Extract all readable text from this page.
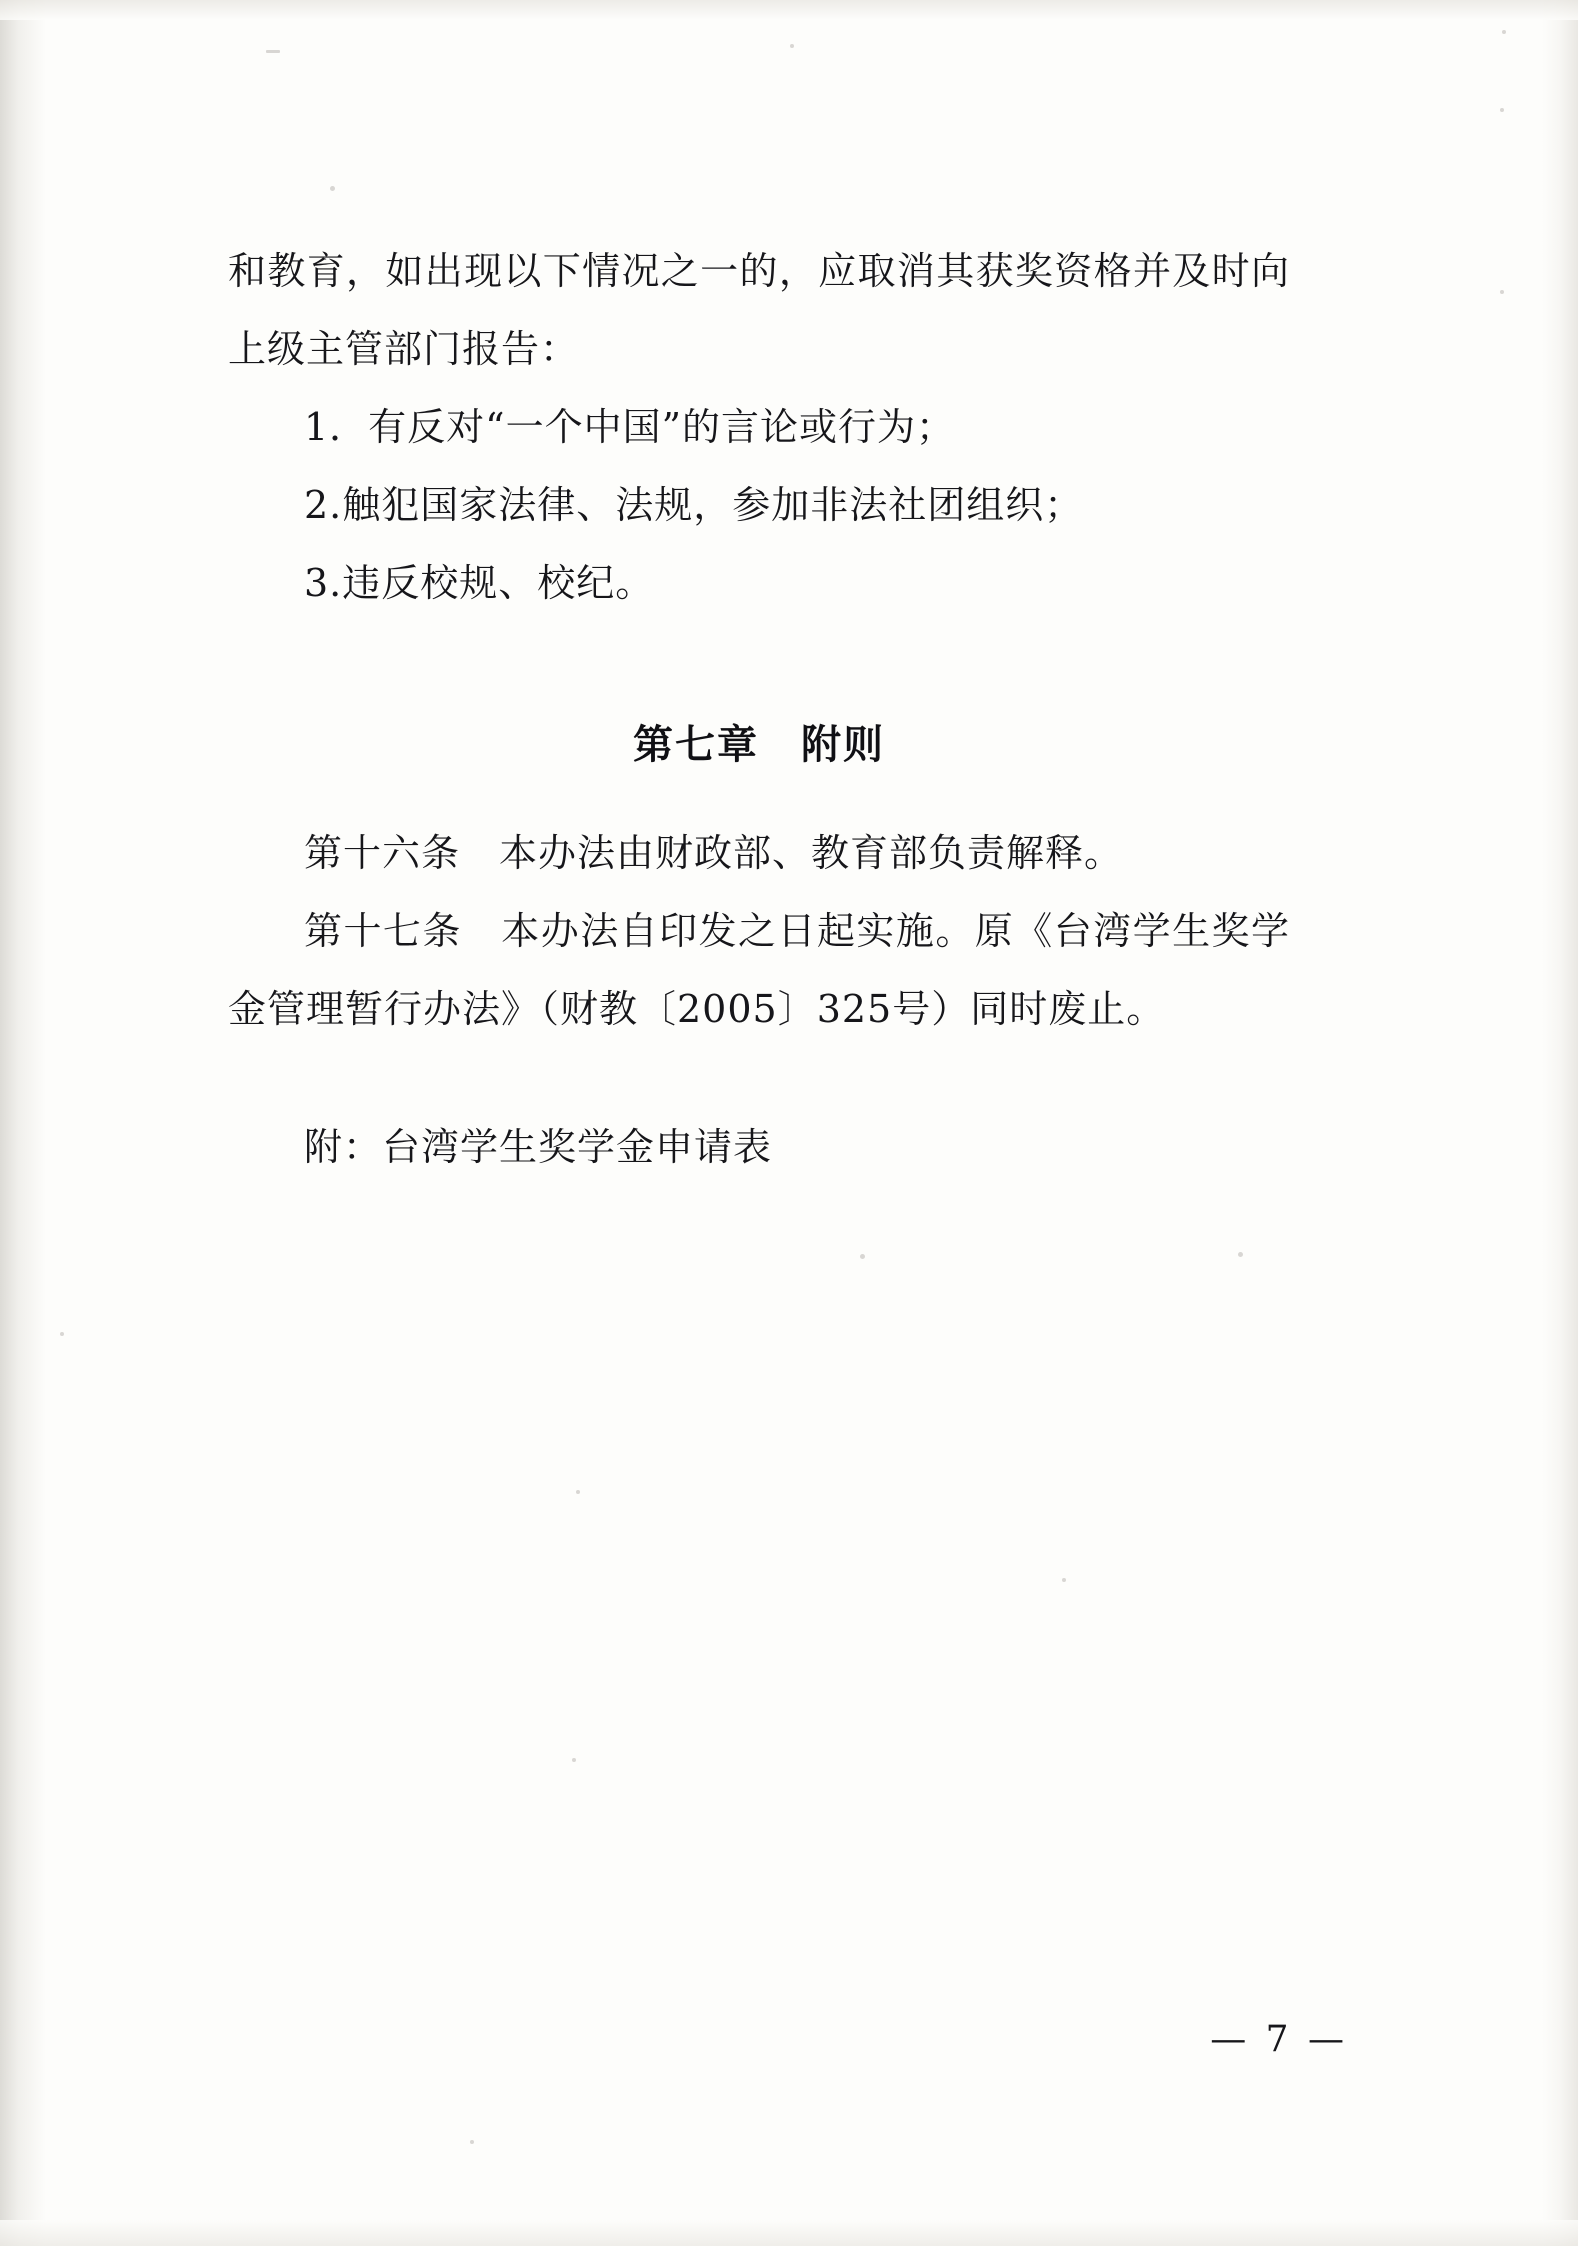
和教育，如出现以下情况之一的，应取消其获奖资格并及时向上级主管部门报告：

1．有反对“一个中国”的言论或行为；

2.触犯国家法律、法规，参加非法社团组织；

3.违反校规、校纪。

第七章　附则

第十六条　本办法由财政部、教育部负责解释。

第十七条　本办法自印发之日起实施。原《台湾学生奖学金管理暂行办法》（财教〔2005〕325号）同时废止。

附：台湾学生奖学金申请表

— 7 —
